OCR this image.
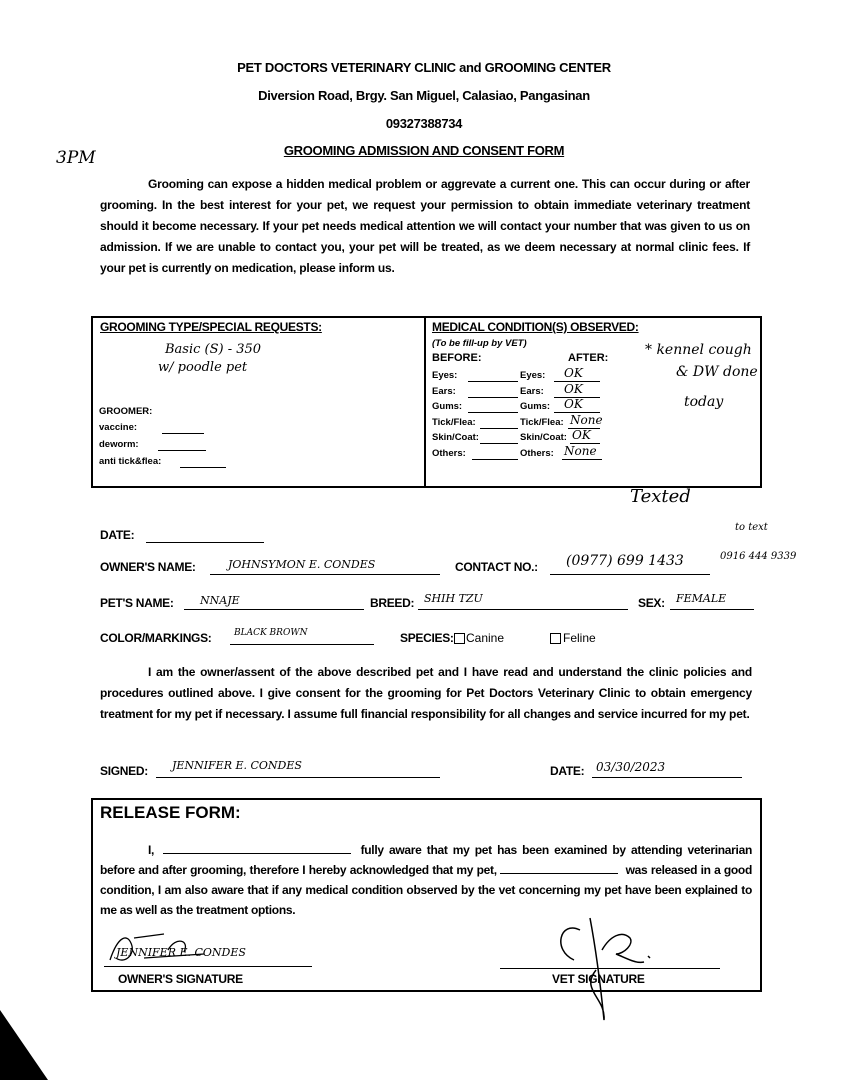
PET DOCTORS VETERINARY CLINIC and GROOMING CENTER
Diversion Road, Brgy. San Miguel, Calasiao, Pangasinan
09327388734
GROOMING ADMISSION AND CONSENT FORM
3PM
Grooming can expose a hidden medical problem or aggrevate a current one. This can occur during or after grooming. In the best interest for your pet, we request your permission to obtain immediate veterinary treatment should it become necessary. If your pet needs medical attention we will contact your number that was given to us on admission. If we are unable to contact you, your pet will be treated, as we deem necessary at normal clinic fees. If your pet is currently on medication, please inform us.
GROOMING TYPE/SPECIAL REQUESTS:
Basic (S) - 350
w/ poodle pet
GROOMER:
vaccine:
deworm:
anti tick&flea:
MEDICAL CONDITION(S) OBSERVED:
(To be fill-up by VET)
BEFORE:	AFTER:
Eyes:	Eyes: OK
Ears:	Ears: OK
Gums:	Gums: OK
Tick/Flea:	Tick/Flea: None
Skin/Coat:	Skin/Coat: OK
Others:	Others: None
* kennel cough
& DW done
today
Texted
to text
DATE:
OWNER'S NAME:	JOHNSYMON E. CONDES	CONTACT NO.: (0977) 699 1433	0916 444 9339
PET'S NAME: NNAJE	BREED: SHIH TZU	SEX: FEMALE
COLOR/MARKINGS:	BLACK BROWN	SPECIES: Canine	Feline
I am the owner/assent of the above described pet and I have read and understand the clinic policies and procedures outlined above. I give consent for the grooming for Pet Doctors Veterinary Clinic to obtain emergency treatment for my pet if necessary. I assume full financial responsibility for all changes and service incurred for my pet.
SIGNED: JENNIFER E. CONDES	DATE: 03/30/2023
RELEASE FORM:
I,	fully aware that my pet has been examined by attending veterinarian before and after grooming, therefore I hereby acknowledged that my pet,	was released in a good condition, I am also aware that if any medical condition observed by the vet concerning my pet have been explained to me as well as the treatment options.
JENNIFER E. CONDES
OWNER'S SIGNATURE	VET SIGNATURE
